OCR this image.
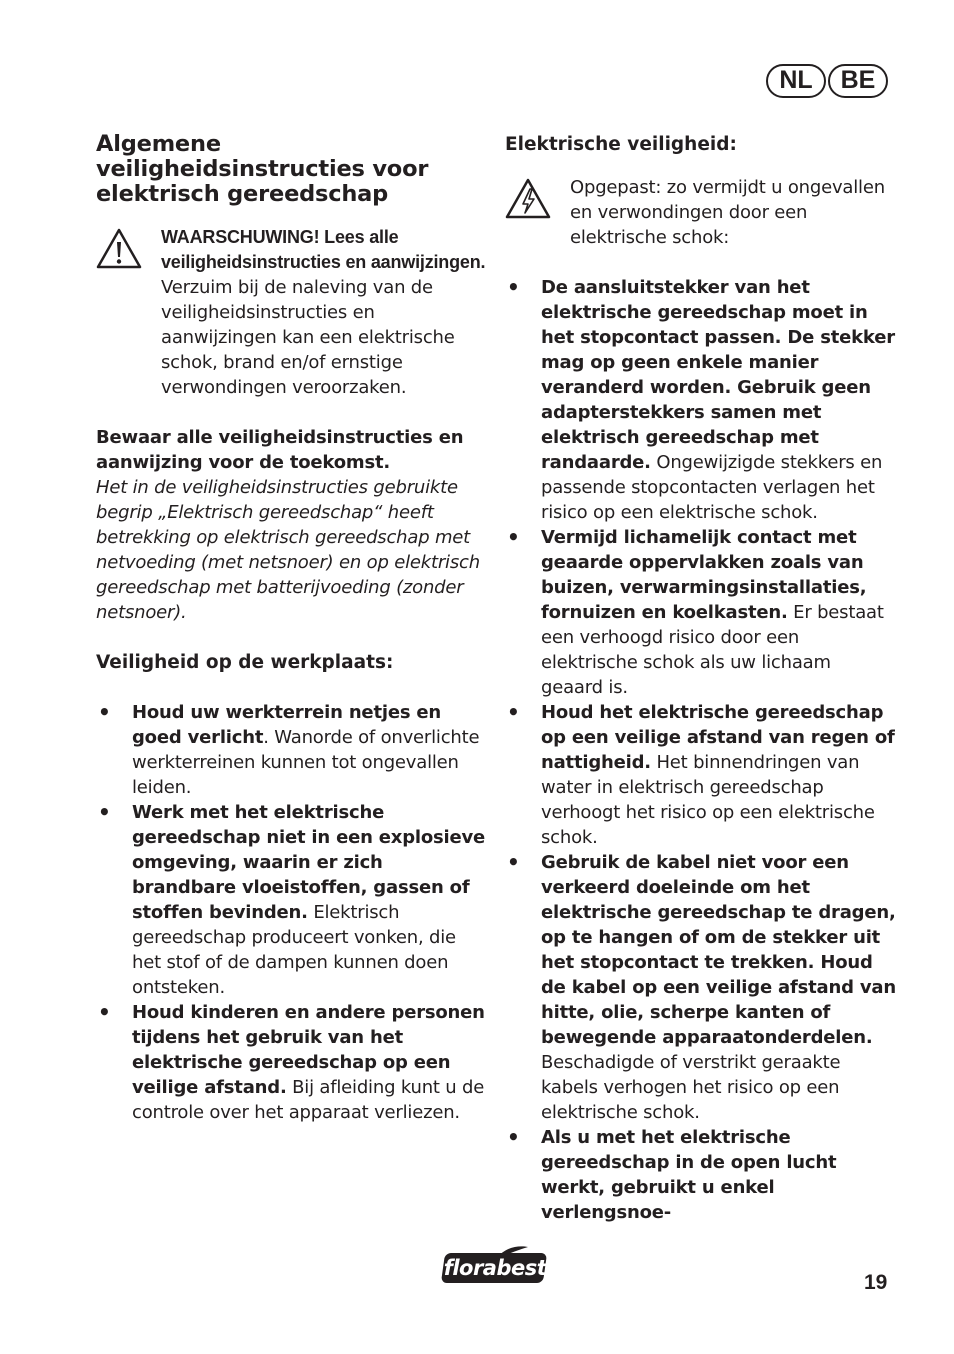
NL	BE
Algemene veiligheidsinstructies voor elektrisch gereedschap

WAARSCHUWING! Lees alle veiligheidsinstructies en aanwijzingen. Verzuim bij de naleving van de veiligheidsinstructies en aanwijzingen kan een elektrische schok, brand en/of ernstige verwondingen veroorzaken.

Bewaar alle veiligheidsinstructies en aanwijzing voor de toekomst.
Het in de veiligheidsinstructies gebruikte begrip „Elektrisch gereedschap“ heeft betrekking op elektrisch gereedschap met netvoeding (met netsnoer) en op elektrisch gereedschap met batterijvoeding (zonder netsnoer).

Veiligheid op de werkplaats:

• Houd uw werkterrein netjes en goed verlicht. Wanorde of onverlichte werkterreinen kunnen tot ongevallen leiden.
• Werk met het elektrische gereedschap niet in een explosieve omgeving, waarin er zich brandbare vloeistoffen, gassen of stoffen bevinden. Elektrisch gereedschap produceert vonken, die het stof of de dampen kunnen doen ontsteken.
• Houd kinderen en andere personen tijdens het gebruik van het elektrische gereedschap op een veilige afstand. Bij afleiding kunt u de controle over het apparaat verliezen.

Elektrische veiligheid:

Opgepast: zo vermijdt u ongevallen en verwondingen door een elektrische schok:

• De aansluitstekker van het elektrische gereedschap moet in het stopcontact passen. De stekker mag op geen enkele manier veranderd worden. Gebruik geen adapterstekkers samen met elektrisch gereedschap met randaarde. Ongewijzigde stekkers en passende stopcontacten verlagen het risico op een elektrische schok.
• Vermijd lichamelijk contact met geaarde oppervlakken zoals van buizen, verwarmingsinstallaties, fornuizen en koelkasten. Er bestaat een verhoogd risico door een elektrische schok als uw lichaam geaard is.
• Houd het elektrische gereedschap op een veilige afstand van regen of nattigheid. Het binnendringen van water in elektrisch gereedschap verhoogt het risico op een elektrische schok.
• Gebruik de kabel niet voor een verkeerd doeleinde om het elektrische gereedschap te dragen, op te hangen of om de stekker uit het stopcontact te trekken. Houd de kabel op een veilige afstand van hitte, olie, scherpe kanten of bewegende apparaatonderdelen. Beschadigde of verstrikt geraakte kabels verhogen het risico op een elektrische schok.
• Als u met het elektrische gereedschap in de open lucht werkt, gebruikt u enkel verlengsnoe-
florabest
19
